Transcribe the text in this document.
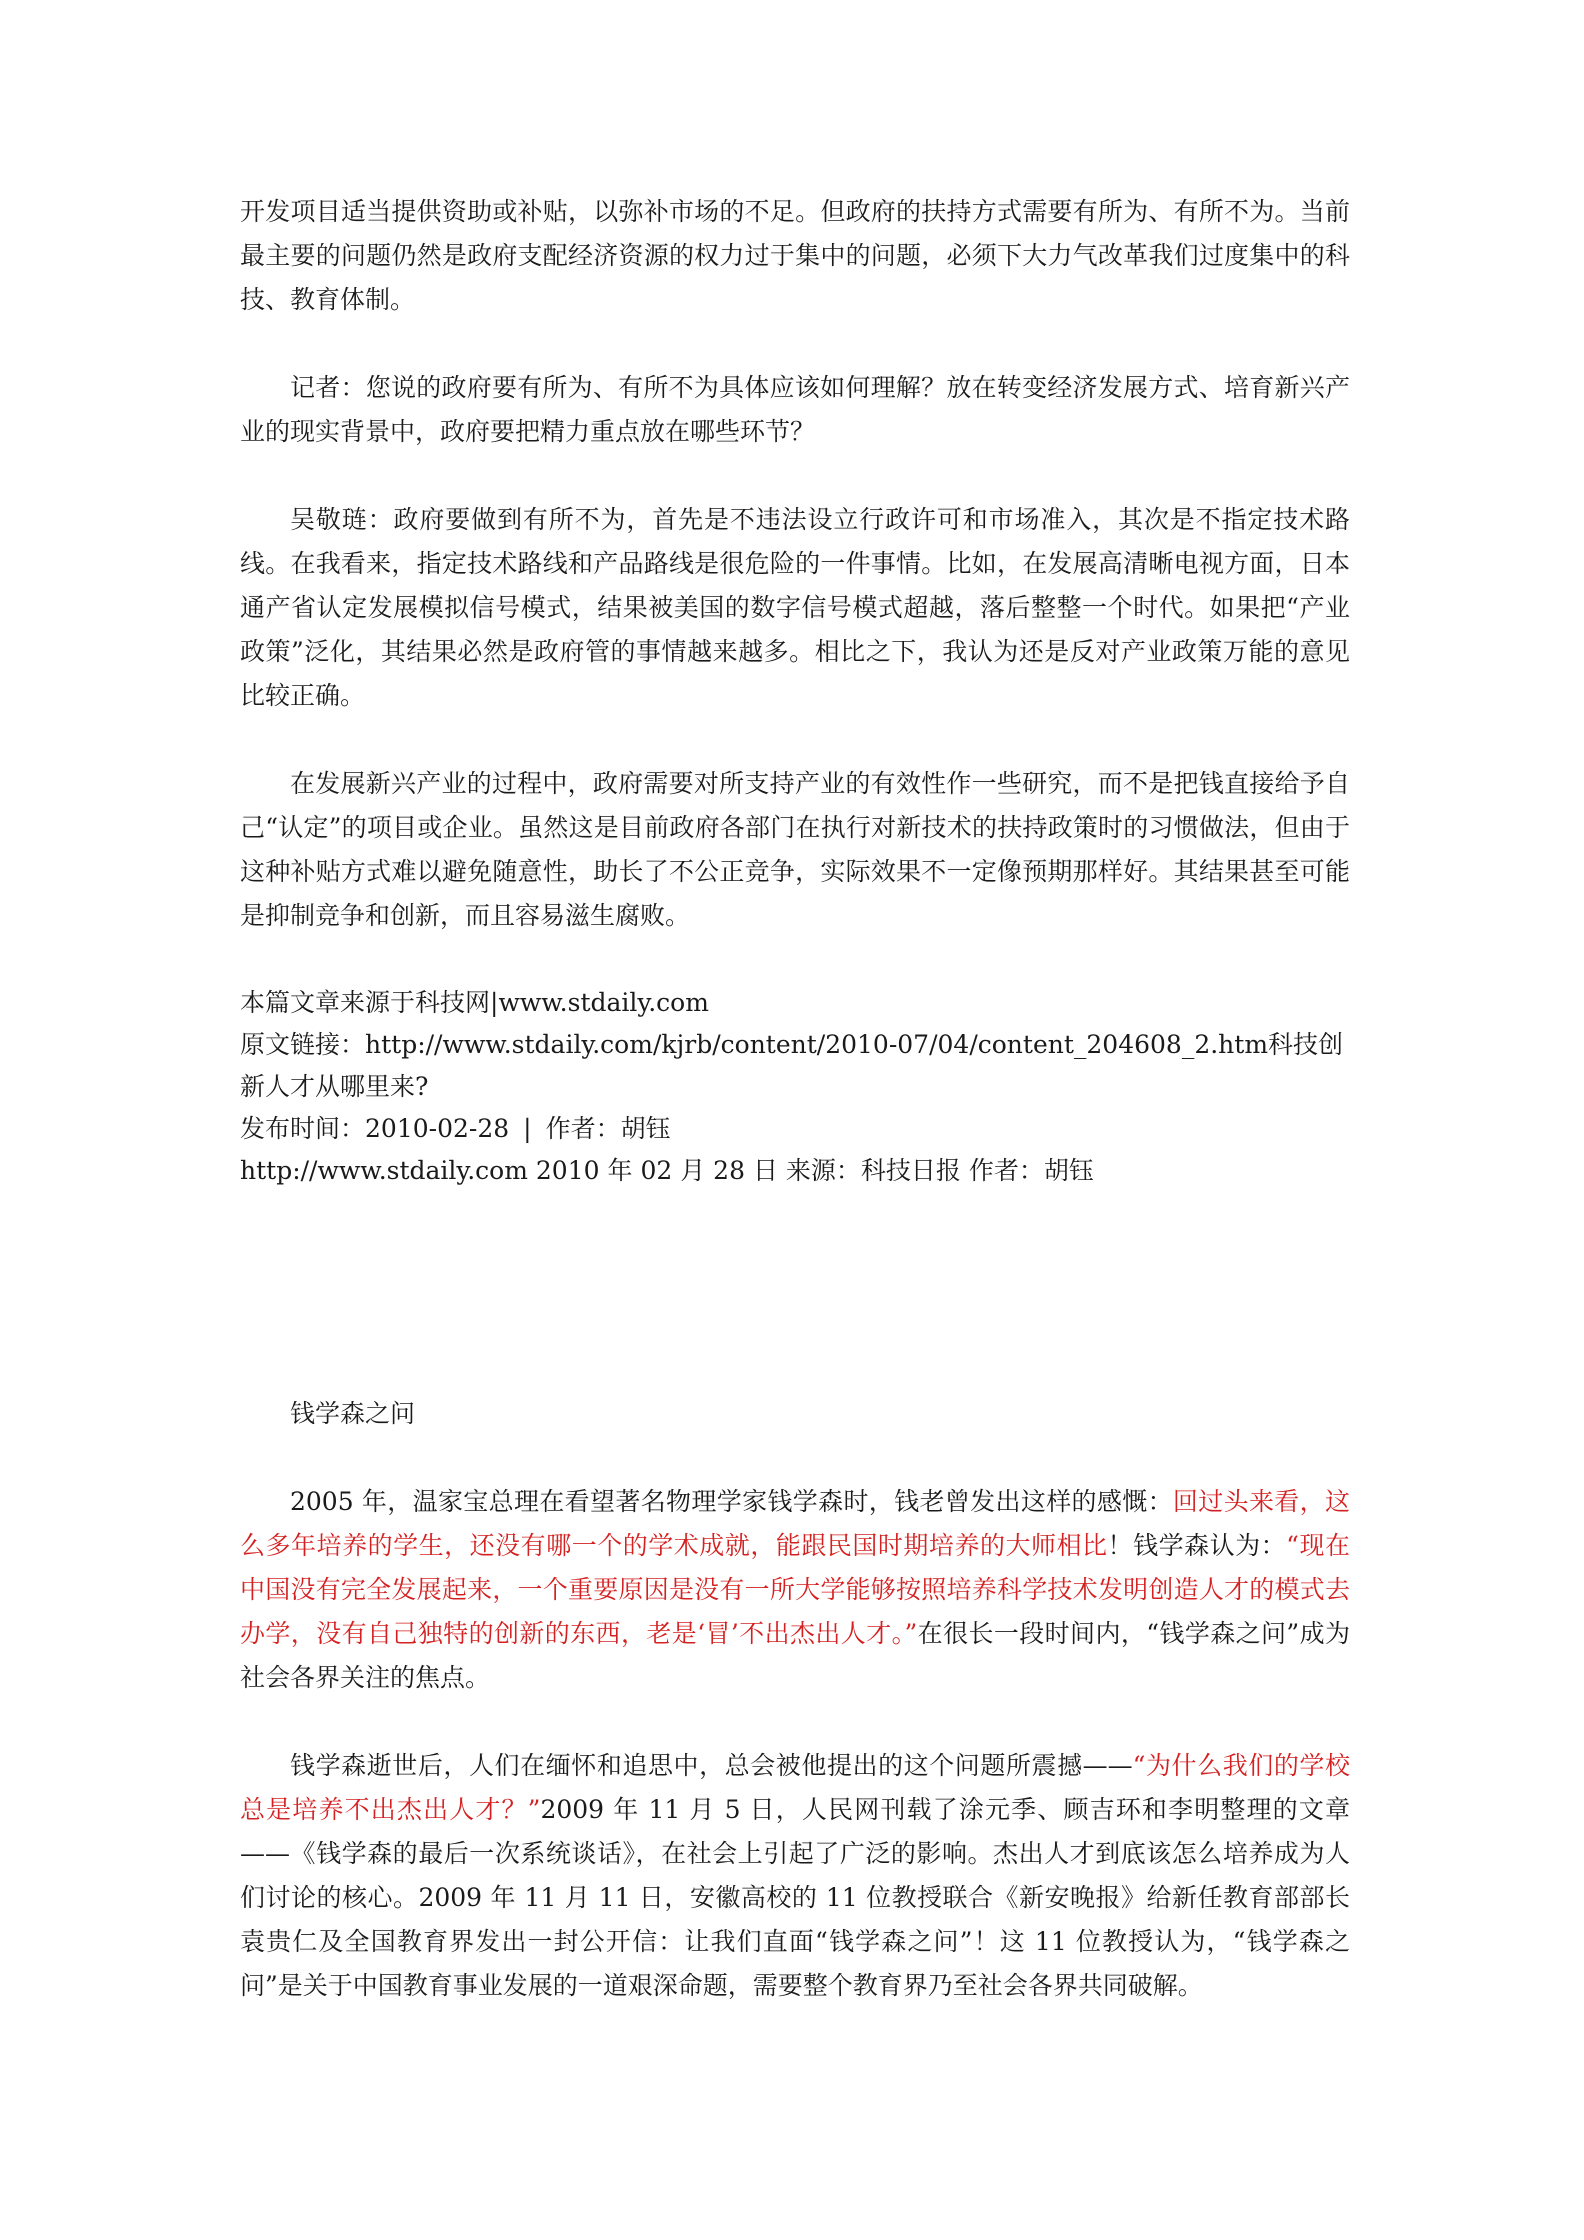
开发项目适当提供资助或补贴，以弥补市场的不足。但政府的扶持方式需要有所为、有所不为。当前最主要的问题仍然是政府支配经济资源的权力过于集中的问题，必须下大力气改革我们过度集中的科技、教育体制。

记者：您说的政府要有所为、有所不为具体应该如何理解？放在转变经济发展方式、培育新兴产业的现实背景中，政府要把精力重点放在哪些环节？

吴敬琏：政府要做到有所不为，首先是不违法设立行政许可和市场准入，其次是不指定技术路线。在我看来，指定技术路线和产品路线是很危险的一件事情。比如，在发展高清晰电视方面，日本通产省认定发展模拟信号模式，结果被美国的数字信号模式超越，落后整整一个时代。如果把“产业政策”泛化，其结果必然是政府管的事情越来越多。相比之下，我认为还是反对产业政策万能的意见比较正确。

在发展新兴产业的过程中，政府需要对所支持产业的有效性作一些研究，而不是把钱直接给予自己“认定”的项目或企业。虽然这是目前政府各部门在执行对新技术的扶持政策时的习惯做法，但由于这种补贴方式难以避免随意性，助长了不公正竞争，实际效果不一定像预期那样好。其结果甚至可能是抑制竞争和创新，而且容易滋生腐败。

本篇文章来源于科技网|www.stdaily.com

原文链接：http://www.stdaily.com/kjrb/content/2010-07/04/content_204608_2.htm科技创新人才从哪里来?

发布时间：2010-02-28 | 作者：胡钰

http://www.stdaily.com 2010 年 02 月 28 日 来源：科技日报 作者：胡钰

钱学森之问

2005 年，温家宝总理在看望著名物理学家钱学森时，钱老曾发出这样的感慨：回过头来看，这么多年培养的学生，还没有哪一个的学术成就，能跟民国时期培养的大师相比！钱学森认为：“现在中国没有完全发展起来，一个重要原因是没有一所大学能够按照培养科学技术发明创造人才的模式去办学，没有自己独特的创新的东西，老是‘冒’不出杰出人才。”在很长一段时间内，“钱学森之问”成为社会各界关注的焦点。

钱学森逝世后，人们在缅怀和追思中，总会被他提出的这个问题所震撼——“为什么我们的学校总是培养不出杰出人才？”2009 年 11 月 5 日，人民网刊载了涂元季、顾吉环和李明整理的文章——《钱学森的最后一次系统谈话》，在社会上引起了广泛的影响。杰出人才到底该怎么培养成为人们讨论的核心。2009 年 11 月 11 日，安徽高校的 11 位教授联合《新安晚报》给新任教育部部长袁贵仁及全国教育界发出一封公开信：让我们直面“钱学森之问”！这 11 位教授认为，“钱学森之问”是关于中国教育事业发展的一道艰深命题，需要整个教育界乃至社会各界共同破解。
